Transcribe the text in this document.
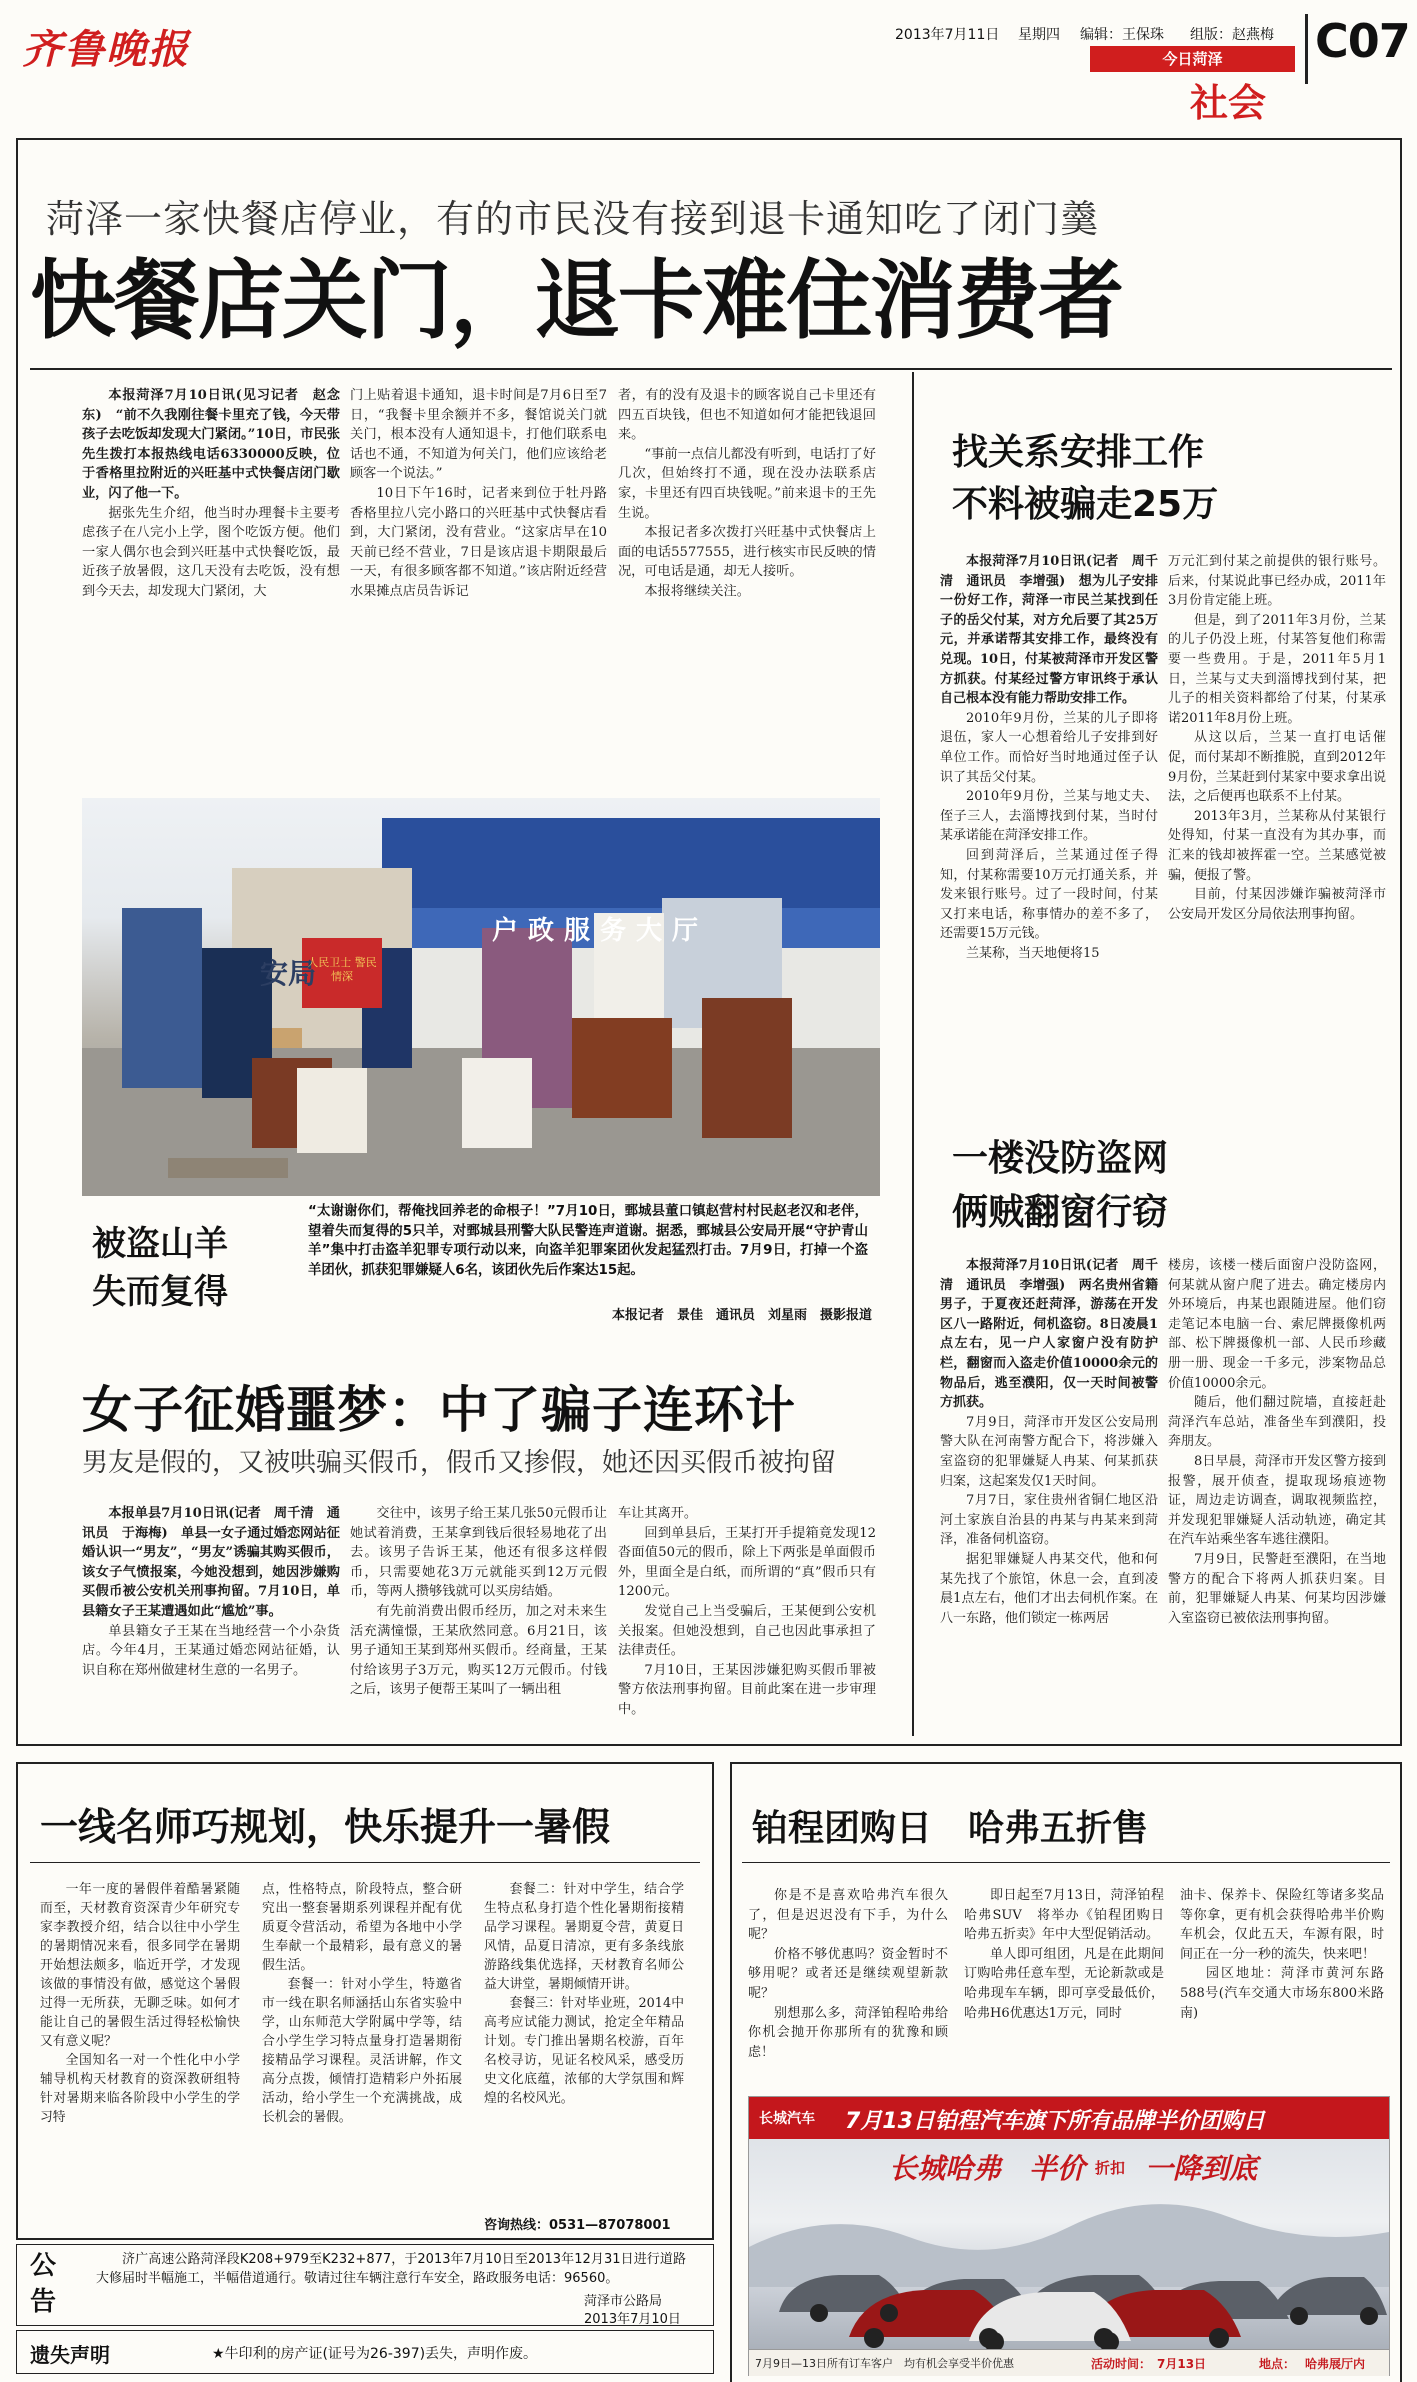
齐鲁晚报	2013年7月11日 星期四 编辑：王保珠 组版：赵燕梅
今日菏泽
社会
C07
菏泽一家快餐店停业，有的市民没有接到退卡通知吃了闭门羹
快餐店关门，退卡难住消费者

本报菏泽7月10日讯(见习记者　赵念东)　“前不久我刚往餐卡里充了钱，今天带孩子去吃饭却发现大门紧闭。”10日，市民张先生拨打本报热线电话6330000反映，位于香格里拉附近的兴旺基中式快餐店闭门歇业，闪了他一下。

据张先生介绍，他当时办理餐卡主要考虑孩子在八完小上学，图个吃饭方便。他们一家人偶尔也会到兴旺基中式快餐吃饭，最近孩子放暑假，这几天没有去吃饭，没有想到今天去，却发现大门紧闭，大

门上贴着退卡通知，退卡时间是7月6日至7日，“我餐卡里余额并不多，餐馆说关门就关门，根本没有人通知退卡，打他们联系电话也不通，不知道为何关门，他们应该给老顾客一个说法。”

10日下午16时，记者来到位于牡丹路香格里拉八完小路口的兴旺基中式快餐店看到，大门紧闭，没有营业。“这家店早在10天前已经不营业，7日是该店退卡期限最后一天，有很多顾客都不知道。”该店附近经营水果摊点店员告诉记

者，有的没有及退卡的顾客说自己卡里还有四五百块钱，但也不知道如何才能把钱退回来。

“事前一点信儿都没有听到，电话打了好几次，但始终打不通，现在没办法联系店家，卡里还有四百块钱呢。”前来退卡的王先生说。

本报记者多次拨打兴旺基中式快餐店上面的电话5577555，进行核实市民反映的情况，可电话是通，却无人接听。

本报将继续关注。

户政服务大厅
安局
人民卫士 警民情深
被盗山羊失而复得
“太谢谢你们，帮俺找回养老的命根子！”7月10日，鄄城县董口镇赵营村村民赵老汉和老伴，望着失而复得的5只羊，对鄄城县刑警大队民警连声道谢。据悉，鄄城县公安局开展“守护青山羊”集中打击盗羊犯罪专项行动以来，向盗羊犯罪案团伙发起猛烈打击。7月9日，打掉一个盗羊团伙，抓获犯罪嫌疑人6名，该团伙先后作案达15起。
本报记者　景佳　通讯员　刘星雨　摄影报道
女子征婚噩梦：中了骗子连环计
男友是假的，又被哄骗买假币，假币又掺假，她还因买假币被拘留

本报单县7月10日讯(记者　周千清　通讯员　于海梅)　单县一女子通过婚恋网站征婚认识一“男友”，“男友”诱骗其购买假币，该女子气愤报案，今她没想到，她因涉嫌购买假币被公安机关刑事拘留。7月10日，单县籍女子王某遭遇如此“尴尬”事。

单县籍女子王某在当地经营一个小杂货店。今年4月，王某通过婚恋网站征婚，认识自称在郑州做建材生意的一名男子。

交往中，该男子给王某几张50元假币让她试着消费，王某拿到钱后很轻易地花了出去。该男子告诉王某，他还有很多这样假币，只需要她花3万元就能买到12万元假币，等两人攒够钱就可以买房结婚。

有先前消费出假币经历，加之对未来生活充满憧憬，王某欣然同意。6月21日，该男子通知王某到郑州买假币。经商量，王某付给该男子3万元，购买12万元假币。付钱之后，该男子便帮王某叫了一辆出租

车让其离开。

回到单县后，王某打开手提箱竟发现12沓面值50元的假币，除上下两张是单面假币外，里面全是白纸，而所谓的“真”假币只有1200元。

发觉自己上当受骗后，王某便到公安机关报案。但她没想到，自己也因此事承担了法律责任。

7月10日，王某因涉嫌犯购买假币罪被警方依法刑事拘留。目前此案在进一步审理中。

找关系安排工作
不料被骗走25万

本报菏泽7月10日讯(记者　周千清　通讯员　李增强)　想为儿子安排一份好工作，菏泽一市民兰某找到任子的岳父付某，对方允后要了其25万元，并承诺帮其安排工作，最终没有兑现。10日，付某被菏泽市开发区警方抓获。付某经过警方审讯终于承认自己根本没有能力帮助安排工作。

2010年9月份，兰某的儿子即将退伍，家人一心想着给儿子安排到好单位工作。而恰好当时地通过侄子认识了其岳父付某。

2010年9月份，兰某与地丈夫、侄子三人，去淄博找到付某，当时付某承诺能在菏泽安排工作。

回到菏泽后，兰某通过侄子得知，付某称需要10万元打通关系，并发来银行账号。过了一段时间，付某又打来电话，称事情办的差不多了，还需要15万元钱。

兰某称，当天地便将15

万元汇到付某之前提供的银行账号。后来，付某说此事已经办成，2011年3月份肯定能上班。

但是，到了2011年3月份，兰某的儿子仍没上班，付某答复他们称需要一些费用。于是，2011年5月1日，兰某与丈夫到淄博找到付某，把儿子的相关资料都给了付某，付某承诺2011年8月份上班。

从这以后，兰某一直打电话催促，而付某却不断推脱，直到2012年9月份，兰某赶到付某家中要求拿出说法，之后便再也联系不上付某。

2013年3月，兰某称从付某银行处得知，付某一直没有为其办事，而汇来的钱却被挥霍一空。兰某感觉被骗，便报了警。

目前，付某因涉嫌诈骗被菏泽市公安局开发区分局依法刑事拘留。

一楼没防盗网
俩贼翻窗行窃

本报菏泽7月10日讯(记者　周千清　通讯员　李增强)　两名贵州省籍男子，于夏夜还赶菏泽，游荡在开发区八一路附近，伺机盗窃。8日凌晨1点左右，见一户人家窗户没有防护栏，翻窗而入盗走价值10000余元的物品后，逃至濮阳，仅一天时间被警方抓获。

7月9日，菏泽市开发区公安局刑警大队在河南警方配合下，将涉嫌入室盗窃的犯罪嫌疑人冉某、何某抓获归案，这起案发仅1天时间。

7月7日，家住贵州省铜仁地区沿河土家族自治县的冉某与冉某来到菏泽，准备伺机盗窃。

据犯罪嫌疑人冉某交代，他和何某先找了个旅馆，休息一会，直到凌晨1点左右，他们才出去伺机作案。在八一东路，他们锁定一栋两居

楼房，该楼一楼后面窗户没防盗网，何某就从窗户爬了进去。确定楼房内外环境后，冉某也跟随进屋。他们窃走笔记本电脑一台、索尼牌摄像机两部、松下牌摄像机一部、人民币珍藏册一册、现金一千多元，涉案物品总价值10000余元。

随后，他们翻过院墙，直接赶赴菏泽汽车总站，准备坐车到濮阳，投奔朋友。

8日早晨，菏泽市开发区警方接到报警，展开侦查，提取现场痕迹物证，周边走访调查，调取视频监控，并发现犯罪嫌疑人活动轨迹，确定其在汽车站乘坐客车逃往濮阳。

7月9日，民警赶至濮阳，在当地警方的配合下将两人抓获归案。目前，犯罪嫌疑人冉某、何某均因涉嫌入室盗窃已被依法刑事拘留。

一线名师巧规划，快乐提升一暑假

一年一度的暑假伴着酷暑紧随而至，天材教育资深青少年研究专家李教授介绍，结合以往中小学生的暑期情况来看，很多同学在暑期开始想法颇多，临近开学，才发现该做的事情没有做，感觉这个暑假过得一无所获，无聊乏味。如何才能让自己的暑假生活过得轻松愉快又有意义呢？

全国知名一对一个性化中小学辅导机构天材教育的资深教研组特针对暑期来临各阶段中小学生的学习特

点，性格特点，阶段特点，整合研究出一整套暑期系列课程并配有优质夏令营活动，希望为各地中小学生奉献一个最精彩，最有意义的暑假生活。

套餐一：针对小学生，特邀省市一线在职名师涵括山东省实验中学，山东师范大学附属中学等，结合小学生学习特点量身打造暑期衔接精品学习课程。灵活讲解，作文高分点拨，倾情打造精彩户外拓展活动，给小学生一个充满挑战，成长机会的暑假。

套餐二：针对中学生，结合学生特点私身打造个性化暑期衔接精品学习课程。暑期夏令营，黄夏日风情，品夏日清凉，更有多条线旅游路线集优选择，天材教育名师公益大讲堂，暑期倾情开讲。

套餐三：针对毕业班，2014中高考应试能力测试，抢定全年精品计划。专门推出暑期名校游，百年名校寻访，见证名校风采，感受历史文化底蕴，浓郁的大学氛围和辉煌的名校风光。

咨询热线：0531—87078001
铂程团购日　哈弗五折售

你是不是喜欢哈弗汽车很久了，但是迟迟没有下手，为什么呢？

价格不够优惠吗？资金暂时不够用呢？或者还是继续观望新款呢？

别想那么多，菏泽铂程哈弗给你机会抛开你那所有的犹豫和顾虑！

即日起至7月13日，菏泽铂程哈弗SUV　将举办《铂程团购日　哈弗五折卖》年中大型促销活动。

单人即可组团，凡是在此期间订购哈弗任意车型，无论新款或是哈弗现车车辆，即可享受最低价，哈弗H6优惠达1万元，同时

油卡、保养卡、保险红等诸多奖品等你拿，更有机会获得哈弗半价购车机会，仅此五天，车源有限，时间正在一分一秒的流失，快来吧！

园区地址：菏泽市黄河东路588号(汽车交通大市场东800米路南)

长城汽车 7月13日铂程汽车旗下所有品牌半价团购日
长城哈弗 半价 折扣 一降到底
7月9日—13日所有订车客户　均有机会享受半价优惠	活动时间： 7月13日	地点： 哈弗展厅内
公告
济广高速公路菏泽段K208+979至K232+877，于2013年7月10日至2013年12月31日进行道路大修届时半幅施工，半幅借道通行。敬请过往车辆注意行车安全，路政服务电话：96560。
菏泽市公路局
2013年7月10日
遗失声明	★牛印利的房产证(证号为26-397)丢失，声明作废。
